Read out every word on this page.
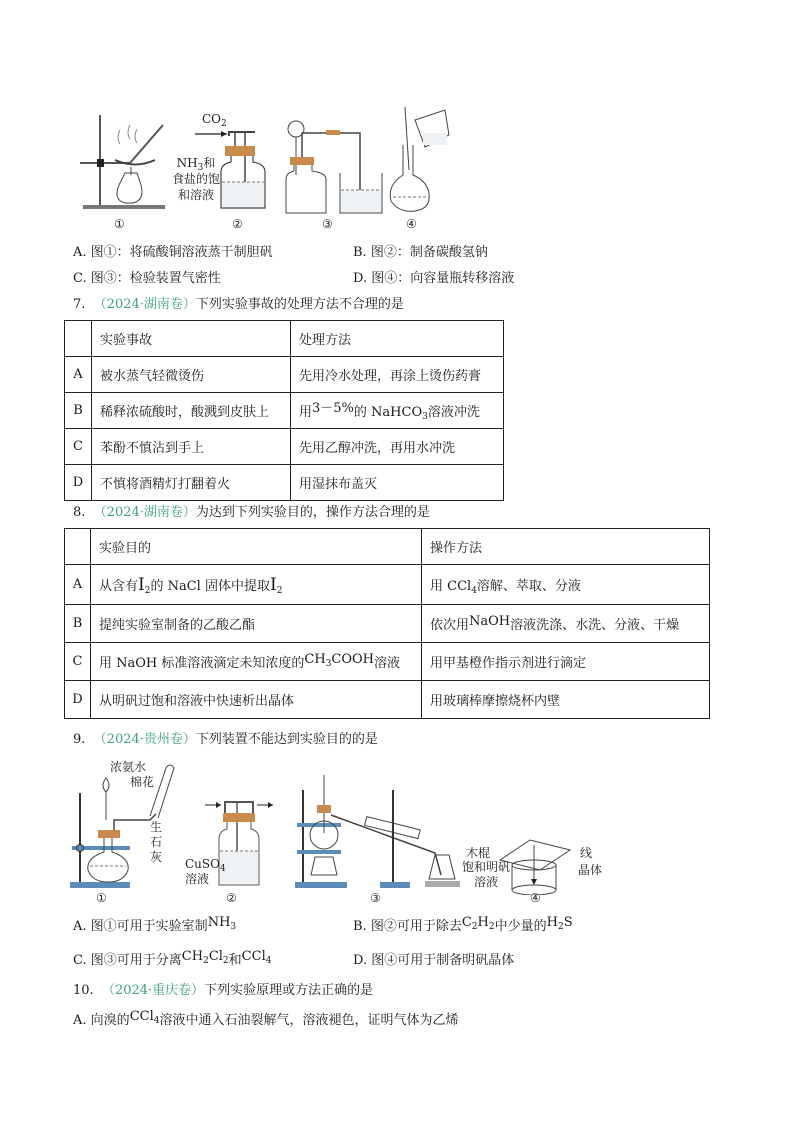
①
$CO_2$
$NH_3$和
食盐的饱
和溶液
②	③	④
A. 图①：将硫酸铜溶液蒸干制胆矾	B. 图②：制备碳酸氢钠
C. 图③：检验装置气密性	D. 图④：向容量瓶转移溶液
7. （2024·湖南卷）下列实验事故的处理方法不合理的是
	实验事故	处理方法
A	被水蒸气轻微烫伤	先用冷水处理，再涂上烫伤药膏
B	稀释浓硫酸时，酸溅到皮肤上	用3－5%的 NaHCO$_3$溶液冲洗
C	苯酚不慎沾到手上	先用乙醇冲洗，再用水冲洗
D	不慎将酒精灯打翻着火	用湿抹布盖灭
8. （2024·湖南卷）为达到下列实验目的，操作方法合理的是
	实验目的	操作方法
A	从含有$I_2$的 NaCl 固体中提取$I_2$	用 CCl$_4$溶解、萃取、分液
B	提纯实验室制备的乙酸乙酯	依次用NaOH溶液洗涤、水洗、分液、干燥
C	用 NaOH 标准溶液滴定未知浓度的$CH_3COOH$溶液	用甲基橙作指示剂进行滴定
D	从明矾过饱和溶液中快速析出晶体	用玻璃棒摩擦烧杯内壁
9. （2024·贵州卷）下列装置不能达到实验目的的是
浓氨水
棉花
生
石
灰
①
CuSO$_4$
溶液
②	③
木棍
饱和明矾
溶液
线
晶体
④
A. 图①可用于实验室制$NH_3$	B. 图②可用于除去$C_2H_2$中少量的$H_2S$
C. 图③可用于分离$CH_2Cl_2$和CCl$_4$	D. 图④可用于制备明矾晶体
10. （2024·重庆卷）下列实验原理或方法正确的是
A. 向溴的CCl$_4$溶液中通入石油裂解气，溶液褪色，证明气体为乙烯
